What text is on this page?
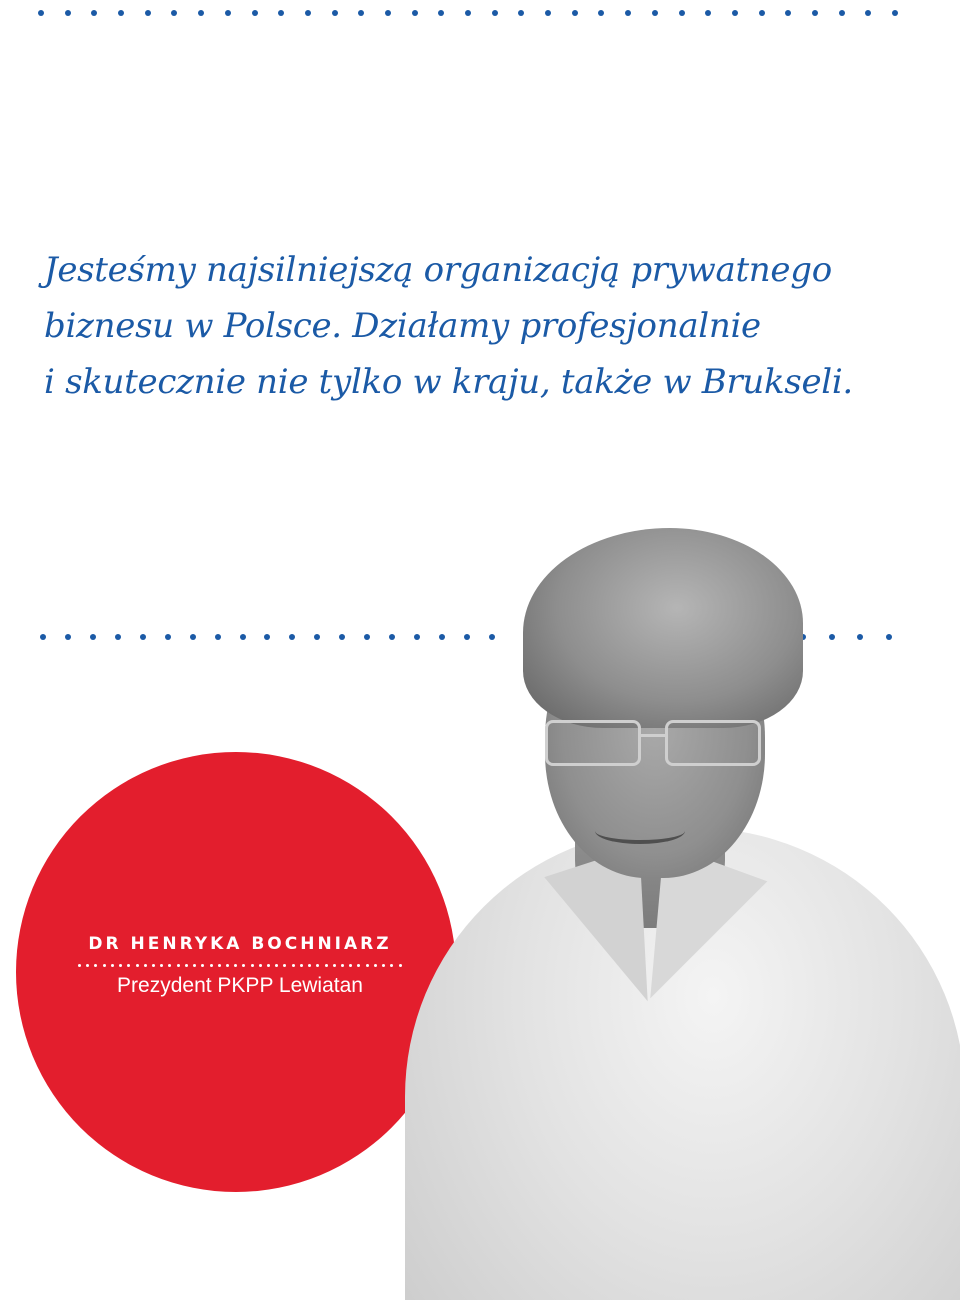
Jesteśmy najsilniejszą organizacją prywatnego
biznesu w Polsce. Działamy profesjonalnie
i skutecznie nie tylko w kraju, także w Brukseli.

DR HENRYKA BOCHNIARZ
Prezydent PKPP Lewiatan
